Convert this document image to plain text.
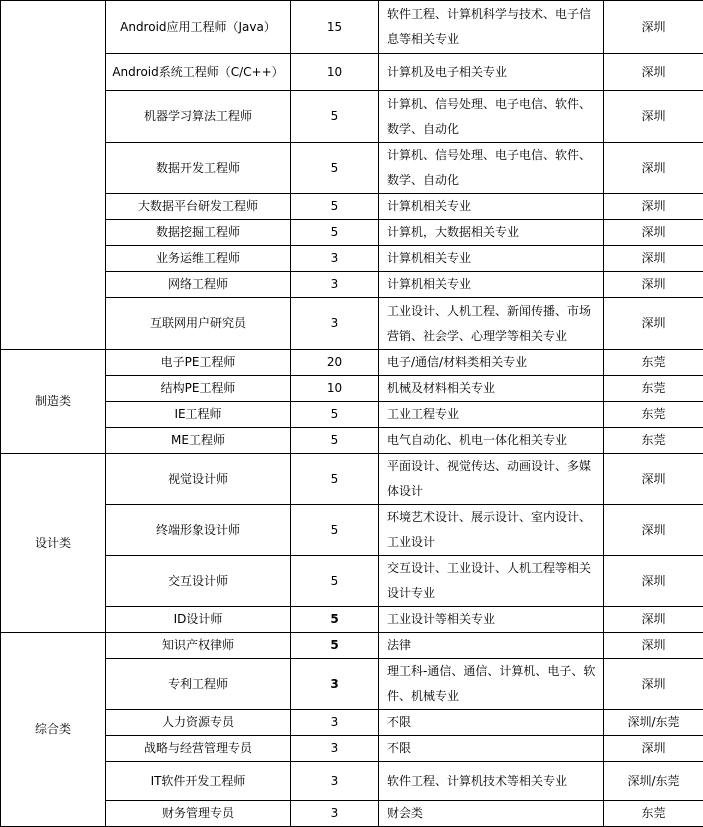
	Android应用工程师（Java）	15	软件工程、计算机科学与技术、电子信息等相关专业	深圳
	Android系统工程师（C/C++）	10	计算机及电子相关专业	深圳
	机器学习算法工程师	5	计算机、信号处理、电子电信、软件、数学、自动化	深圳
	数据开发工程师	5	计算机、信号处理、电子电信、软件、数学、自动化	深圳
	大数据平台研发工程师	5	计算机相关专业	深圳
	数据挖掘工程师	5	计算机，大数据相关专业	深圳
	业务运维工程师	3	计算机相关专业	深圳
	网络工程师	3	计算机相关专业	深圳
	互联网用户研究员	3	工业设计、人机工程、新闻传播、市场营销、社会学、心理学等相关专业	深圳
制造类	电子PE工程师	20	电子/通信/材料类相关专业	东莞
	结构PE工程师	10	机械及材料相关专业	东莞
	IE工程师	5	工业工程专业	东莞
	ME工程师	5	电气自动化、机电一体化相关专业	东莞
设计类	视觉设计师	5	平面设计、视觉传达、动画设计、多媒体设计	深圳
	终端形象设计师	5	环境艺术设计、展示设计、室内设计、工业设计	深圳
	交互设计师	5	交互设计、工业设计、人机工程等相关设计专业	深圳
	ID设计师	5	工业设计等相关专业	深圳
综合类	知识产权律师	5	法律	深圳
	专利工程师	3	理工科-通信、通信、计算机、电子、软件、机械专业	深圳
	人力资源专员	3	不限	深圳/东莞
	战略与经营管理专员	3	不限	深圳
	IT软件开发工程师	3	软件工程、计算机技术等相关专业	深圳/东莞
	财务管理专员	3	财会类	东莞
